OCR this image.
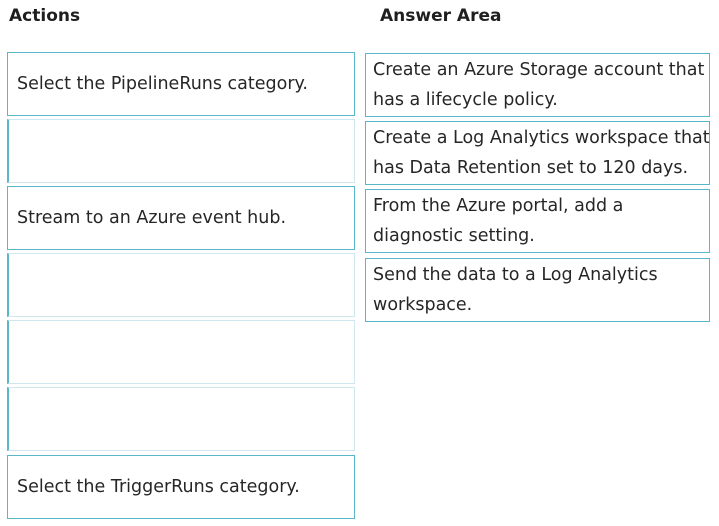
Actions	Answer Area
Select the PipelineRuns category.
Stream to an Azure event hub.
Select the TriggerRuns category.
Create an Azure Storage account that
has a lifecycle policy.
Create a Log Analytics workspace that
has Data Retention set to 120 days.
From the Azure portal, add a
diagnostic setting.
Send the data to a Log Analytics
workspace.
